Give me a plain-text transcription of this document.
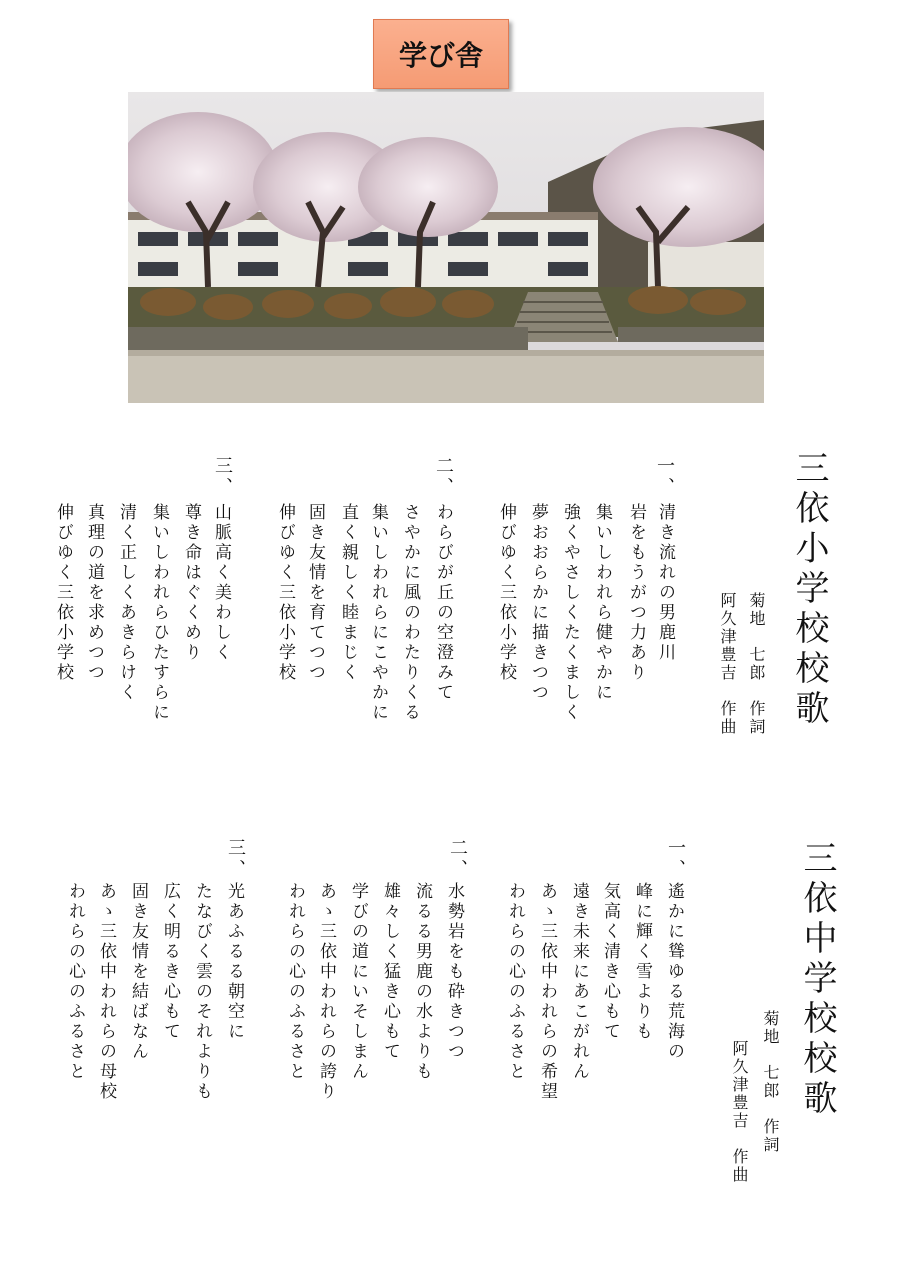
学び舎
三依小学校校歌
菊地　七郎　作詞
阿久津豊吉　作曲
一、
清き流れの男鹿川
岩をもうがつ力あり
集いしわれら健やかに
強くやさしくたくましく
夢おおらかに描きつつ
伸びゆく三依小学校
二、
わらびが丘の空澄みて
さやかに風のわたりくる
集いしわれらにこやかに
直く親しく睦まじく
固き友情を育てつつ
伸びゆく三依小学校
三、
山脈高く美わしく
尊き命はぐくめり
集いしわれらひたすらに
清く正しくあきらけく
真理の道を求めつつ
伸びゆく三依小学校
三依中学校校歌
菊地　七郎　作詞
阿久津豊吉　作曲
一、
遙かに聳ゆる荒海の
峰に輝く雪よりも
気高く清き心もて
遠き未来にあこがれん
あゝ三依中われらの希望
われらの心のふるさと
二、
水勢岩をも砕きつつ
流るる男鹿の水よりも
雄々しく猛き心もて
学びの道にいそしまん
あゝ三依中われらの誇り
われらの心のふるさと
三、
光あふるる朝空に
たなびく雲のそれよりも
広く明るき心もて
固き友情を結ばなん
あゝ三依中われらの母校
われらの心のふるさと
